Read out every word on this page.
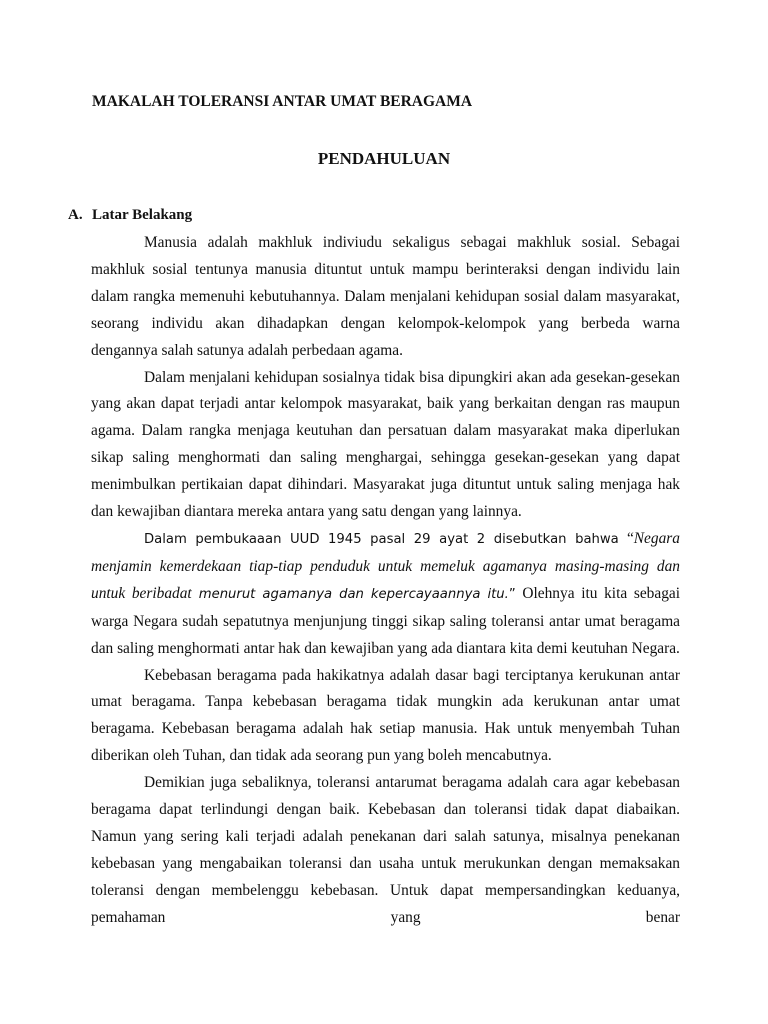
MAKALAH TOLERANSI ANTAR UMAT BERAGAMA
PENDAHULUAN
A. Latar Belakang

Manusia adalah makhluk indiviudu sekaligus sebagai makhluk sosial. Sebagai makhluk sosial tentunya manusia dituntut untuk mampu berinteraksi dengan individu lain dalam rangka memenuhi kebutuhannya. Dalam menjalani kehidupan sosial dalam masyarakat, seorang individu akan dihadapkan dengan kelompok-kelompok yang berbeda warna dengannya salah satunya adalah perbedaan agama.

Dalam menjalani kehidupan sosialnya tidak bisa dipungkiri akan ada gesekan-gesekan yang akan dapat terjadi antar kelompok masyarakat, baik yang berkaitan dengan ras maupun agama. Dalam rangka menjaga keutuhan dan persatuan dalam masyarakat maka diperlukan sikap saling menghormati dan saling menghargai, sehingga gesekan-gesekan yang dapat menimbulkan pertikaian dapat dihindari. Masyarakat juga dituntut untuk saling menjaga hak dan kewajiban diantara mereka antara yang satu dengan yang lainnya.

Dalam pembukaaan UUD 1945 pasal 29 ayat 2 disebutkan bahwa “Negara menjamin kemerdekaan tiap-tiap penduduk untuk memeluk agamanya masing-masing dan untuk beribadat menurut agamanya dan kepercayaannya itu.” Olehnya itu kita sebagai warga Negara sudah sepatutnya menjunjung tinggi sikap saling toleransi antar umat beragama dan saling menghormati antar hak dan kewajiban yang ada diantara kita demi keutuhan Negara.

Kebebasan beragama pada hakikatnya adalah dasar bagi terciptanya kerukunan antar umat beragama. Tanpa kebebasan beragama tidak mungkin ada kerukunan antar umat beragama. Kebebasan beragama adalah hak setiap manusia. Hak untuk menyembah Tuhan diberikan oleh Tuhan, dan tidak ada seorang pun yang boleh mencabutnya.

Demikian juga sebaliknya, toleransi antarumat beragama adalah cara agar kebebasan beragama dapat terlindungi dengan baik. Kebebasan dan toleransi tidak dapat diabaikan. Namun yang sering kali terjadi adalah penekanan dari salah satunya, misalnya penekanan kebebasan yang mengabaikan toleransi dan usaha untuk merukunkan dengan memaksakan toleransi dengan membelenggu kebebasan. Untuk dapat mempersandingkan keduanya, pemahaman yang benar
